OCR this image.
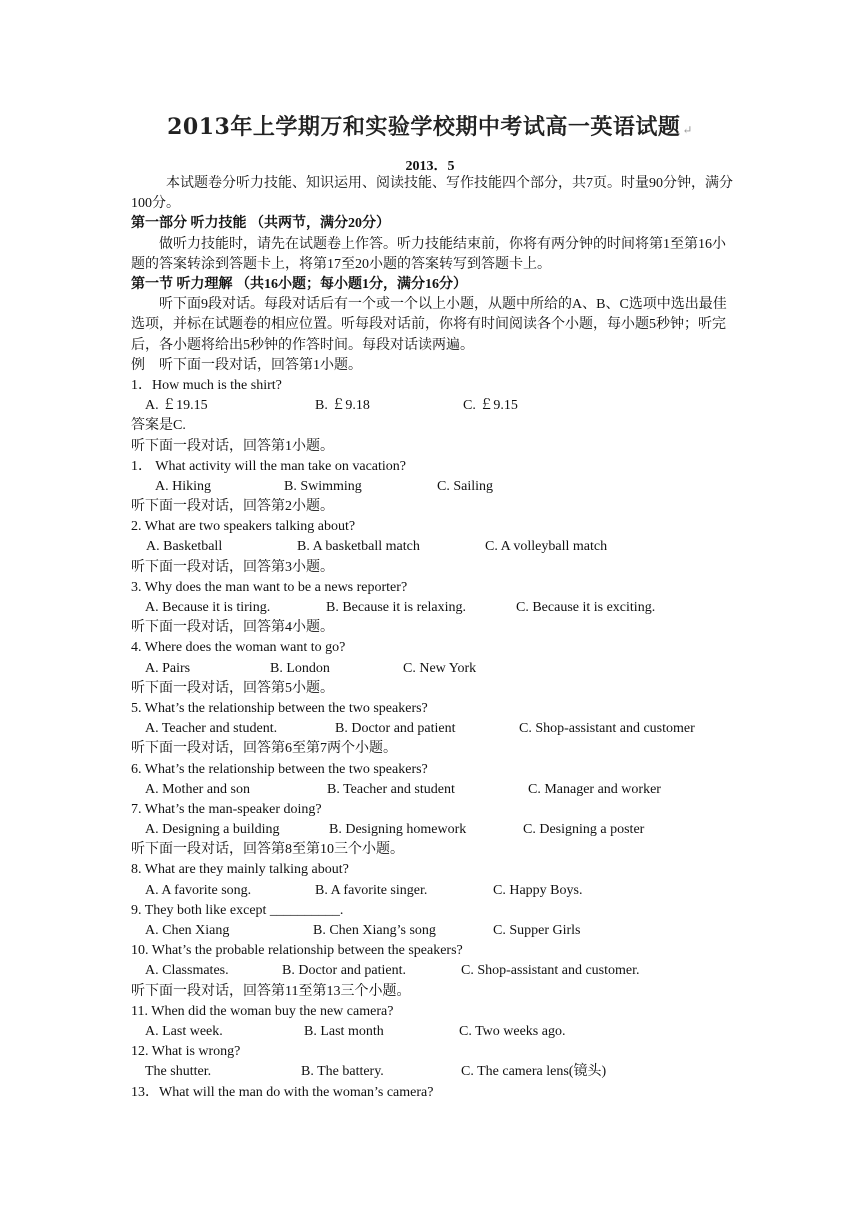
2013年上学期万和实验学校期中考试高一英语试题 ↵
2013．5
本试题卷分听力技能、知识运用、阅读技能、写作技能四个部分，共7页。时量90分钟，满分100分。
第一部分 听力技能 （共两节，满分20分）
做听力技能时，请先在试题卷上作答。听力技能结束前，你将有两分钟的时间将第1至第16小题的答案转涂到答题卡上，将第17至20小题的答案转写到答题卡上。
第一节 听力理解 （共16小题；每小题1分，满分16分）
听下面9段对话。每段对话后有一个或一个以上小题，从题中所给的A、B、C选项中选出最佳选项，并标在试题卷的相应位置。听每段对话前，你将有时间阅读各个小题，每小题5秒钟；听完后，各小题将给出5秒钟的作答时间。每段对话读两遍。
例　听下面一段对话，回答第1小题。
1．How much is the shirt?
A. ￡19.15	B. ￡9.18	C. ￡9.15
答案是C.
听下面一段对话，回答第1小题。
1． What activity will the man take on vacation?
A. Hiking	B. Swimming	C. Sailing
听下面一段对话，回答第2小题。
2. What are two speakers talking about?
A. Basketball	B. A basketball match	C. A volleyball match
听下面一段对话，回答第3小题。
3. Why does the man want to be a news reporter?
A. Because it is tiring.	B. Because it is relaxing.	C. Because it is exciting.
听下面一段对话，回答第4小题。
4. Where does the woman want to go?
A. Pairs	B. London	C. New York
听下面一段对话，回答第5小题。
5. What’s the relationship between the two speakers?
A. Teacher and student.	B. Doctor and patient	C. Shop-assistant and customer
听下面一段对话，回答第6至第7两个小题。
6. What’s the relationship between the two speakers?
A. Mother and son	B. Teacher and student	C. Manager and worker
7. What’s the man-speaker doing?
A. Designing a building	B. Designing homework	C. Designing a poster
听下面一段对话，回答第8至第10三个小题。
8. What are they mainly talking about?
A. A favorite song.	B. A favorite singer.	C. Happy Boys.
9. They both like except __________.
A. Chen Xiang	B. Chen Xiang’s song	C. Supper Girls
10. What’s the probable relationship between the speakers?
A. Classmates.	B. Doctor and patient.	C. Shop-assistant and customer.
听下面一段对话，回答第11至第13三个小题。
11. When did the woman buy the new camera?
A. Last week.	B. Last month	C. Two weeks ago.
12. What is wrong?
The shutter.	B. The battery.	C. The camera lens(镜头)
13．What will the man do with the woman’s camera?
